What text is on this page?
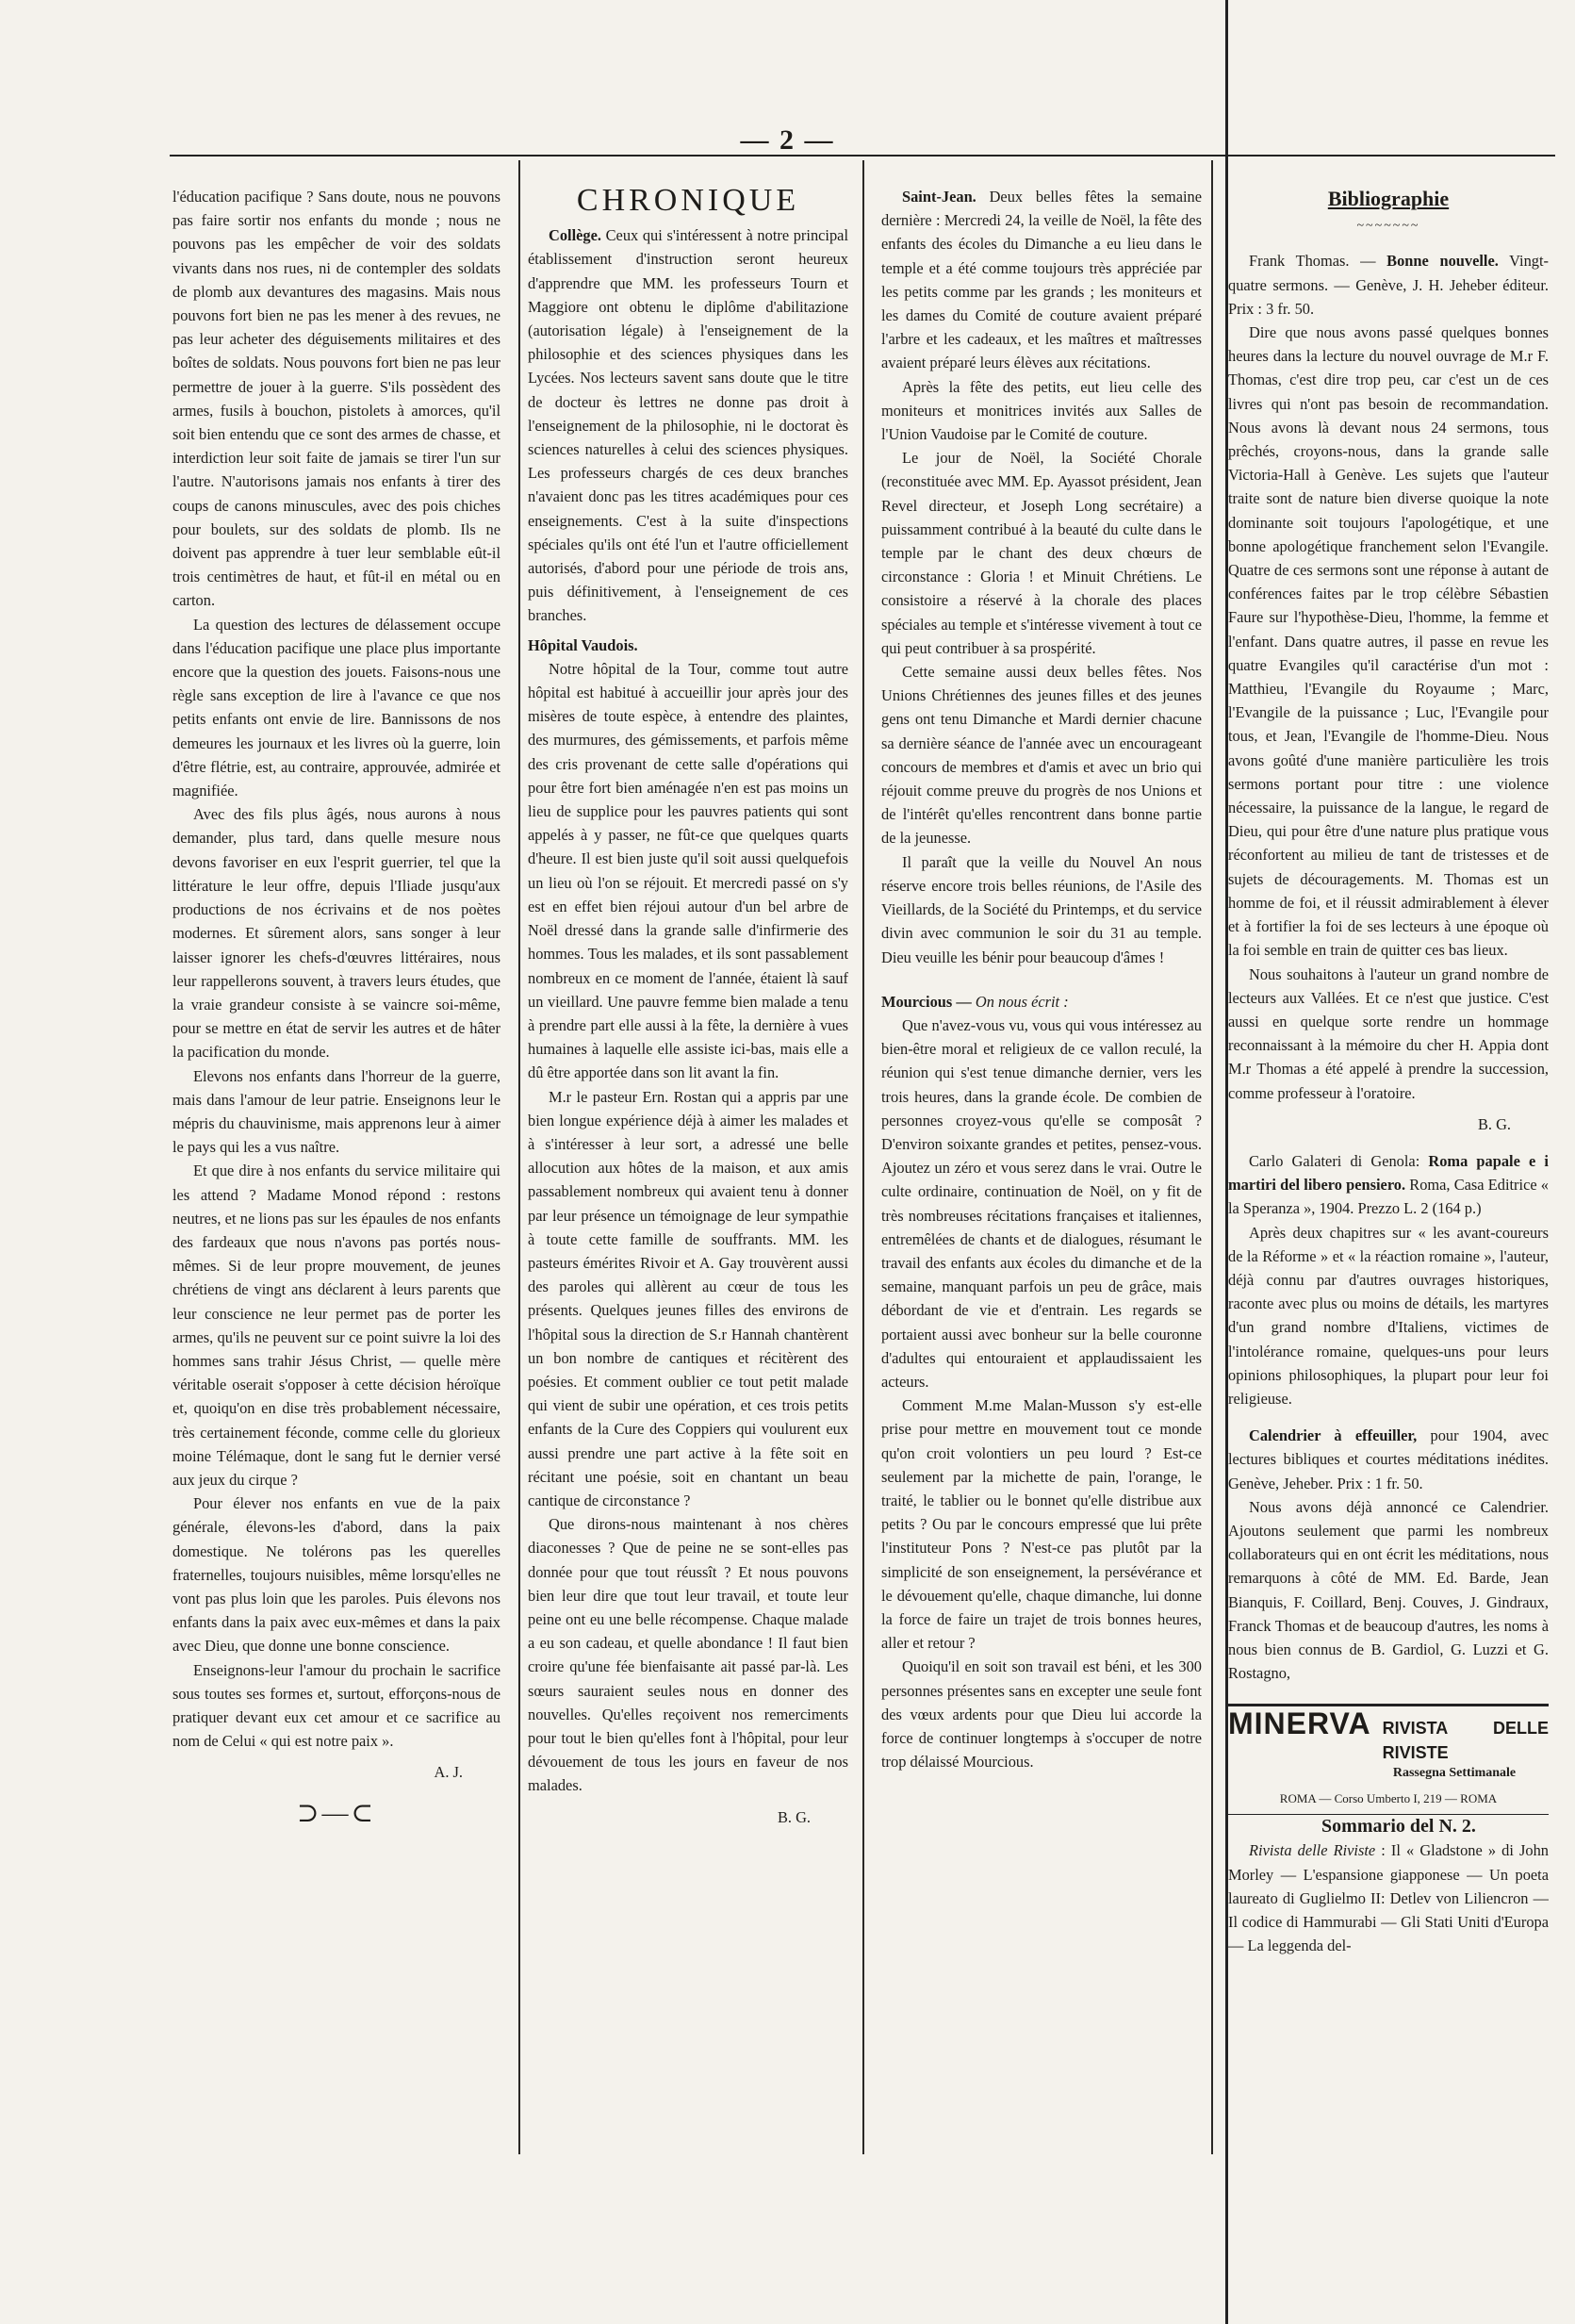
— 2 —

l'éducation pacifique ? Sans doute, nous ne pouvons pas faire sortir nos enfants du monde ; nous ne pouvons pas les empêcher de voir des soldats vivants dans nos rues, ni de contempler des soldats de plomb aux devantures des magasins. Mais nous pouvons fort bien ne pas les mener à des revues, ne pas leur acheter des déguisements militaires et des boîtes de soldats. Nous pouvons fort bien ne pas leur permettre de jouer à la guerre. S'ils possèdent des armes, fusils à bouchon, pistolets à amorces, qu'il soit bien entendu que ce sont des armes de chasse, et interdiction leur soit faite de jamais se tirer l'un sur l'autre. N'autorisons jamais nos enfants à tirer des coups de canons minuscules, avec des pois chiches pour boulets, sur des soldats de plomb. Ils ne doivent pas apprendre à tuer leur semblable eût-il trois centimètres de haut, et fût-il en métal ou en carton.

La question des lectures de délassement occupe dans l'éducation pacifique une place plus importante encore que la question des jouets. Faisons-nous une règle sans exception de lire à l'avance ce que nos petits enfants ont envie de lire. Bannissons de nos demeures les journaux et les livres où la guerre, loin d'être flétrie, est, au contraire, approuvée, admirée et magnifiée.

Avec des fils plus âgés, nous aurons à nous demander, plus tard, dans quelle mesure nous devons favoriser en eux l'esprit guerrier, tel que la littérature le leur offre, depuis l'Iliade jusqu'aux productions de nos écrivains et de nos poètes modernes. Et sûrement alors, sans songer à leur laisser ignorer les chefs-d'œuvres littéraires, nous leur rappellerons souvent, à travers leurs études, que la vraie grandeur consiste à se vaincre soi-même, pour se mettre en état de servir les autres et de hâter la pacification du monde.

Elevons nos enfants dans l'horreur de la guerre, mais dans l'amour de leur patrie. Enseignons leur le mépris du chauvinisme, mais apprenons leur à aimer le pays qui les a vus naître.

Et que dire à nos enfants du service militaire qui les attend ? Madame Monod répond : restons neutres, et ne lions pas sur les épaules de nos enfants des fardeaux que nous n'avons pas portés nous-mêmes. Si de leur propre mouvement, de jeunes chrétiens de vingt ans déclarent à leurs parents que leur conscience ne leur permet pas de porter les armes, qu'ils ne peuvent sur ce point suivre la loi des hommes sans trahir Jésus Christ, — quelle mère véritable oserait s'opposer à cette décision héroïque et, quoiqu'on en dise très probablement nécessaire, très certainement féconde, comme celle du glorieux moine Télémaque, dont le sang fut le dernier versé aux jeux du cirque ?

Pour élever nos enfants en vue de la paix générale, élevons-les d'abord, dans la paix domestique. Ne tolérons pas les querelles fraternelles, toujours nuisibles, même lorsqu'elles ne vont pas plus loin que les paroles. Puis élevons nos enfants dans la paix avec eux-mêmes et dans la paix avec Dieu, que donne une bonne conscience.

Enseignons-leur l'amour du prochain le sacrifice sous toutes ses formes et, surtout, efforçons-nous de pratiquer devant eux cet amour et ce sacrifice au nom de Celui « qui est notre paix ».

A. J.

⊃—⊂

CHRONIQUE

Collège. Ceux qui s'intéressent à notre principal établissement d'instruction seront heureux d'apprendre que MM. les professeurs Tourn et Maggiore ont obtenu le diplôme d'abilitazione (autorisation légale) à l'enseignement de la philosophie et des sciences physiques dans les Lycées. Nos lecteurs savent sans doute que le titre de docteur ès lettres ne donne pas droit à l'enseignement de la philosophie, ni le doctorat ès sciences naturelles à celui des sciences physiques. Les professeurs chargés de ces deux branches n'avaient donc pas les titres académiques pour ces enseignements. C'est à la suite d'inspections spéciales qu'ils ont été l'un et l'autre officiellement autorisés, d'abord pour une période de trois ans, puis définitivement, à l'enseignement de ces branches.

Hôpital Vaudois.

Notre hôpital de la Tour, comme tout autre hôpital est habitué à accueillir jour après jour des misères de toute espèce, à entendre des plaintes, des murmures, des gémissements, et parfois même des cris provenant de cette salle d'opérations qui pour être fort bien aménagée n'en est pas moins un lieu de supplice pour les pauvres patients qui sont appelés à y passer, ne fût-ce que quelques quarts d'heure. Il est bien juste qu'il soit aussi quelquefois un lieu où l'on se réjouit. Et mercredi passé on s'y est en effet bien réjoui autour d'un bel arbre de Noël dressé dans la grande salle d'infirmerie des hommes. Tous les malades, et ils sont passablement nombreux en ce moment de l'année, étaient là sauf un vieillard. Une pauvre femme bien malade a tenu à prendre part elle aussi à la fête, la dernière à vues humaines à laquelle elle assiste ici-bas, mais elle a dû être apportée dans son lit avant la fin.

M.r le pasteur Ern. Rostan qui a appris par une bien longue expérience déjà à aimer les malades et à s'intéresser à leur sort, a adressé une belle allocution aux hôtes de la maison, et aux amis passablement nombreux qui avaient tenu à donner par leur présence un témoignage de leur sympathie à toute cette famille de souffrants. MM. les pasteurs émérites Rivoir et A. Gay trouvèrent aussi des paroles qui allèrent au cœur de tous les présents. Quelques jeunes filles des environs de l'hôpital sous la direction de S.r Hannah chantèrent un bon nombre de cantiques et récitèrent des poésies. Et comment oublier ce tout petit malade qui vient de subir une opération, et ces trois petits enfants de la Cure des Coppiers qui voulurent eux aussi prendre une part active à la fête soit en récitant une poésie, soit en chantant un beau cantique de circonstance ?

Que dirons-nous maintenant à nos chères diaconesses ? Que de peine ne se sont-elles pas donnée pour que tout réussît ? Et nous pouvons bien leur dire que tout leur travail, et toute leur peine ont eu une belle récompense. Chaque malade a eu son cadeau, et quelle abondance ! Il faut bien croire qu'une fée bienfaisante ait passé par-là. Les sœurs sauraient seules nous en donner des nouvelles. Qu'elles reçoivent nos remerciments pour tout le bien qu'elles font à l'hôpital, pour leur dévouement de tous les jours en faveur de nos malades.

B. G.

Saint-Jean. Deux belles fêtes la semaine dernière : Mercredi 24, la veille de Noël, la fête des enfants des écoles du Dimanche a eu lieu dans le temple et a été comme toujours très appréciée par les petits comme par les grands ; les moniteurs et les dames du Comité de couture avaient préparé l'arbre et les cadeaux, et les maîtres et maîtresses avaient préparé leurs élèves aux récitations.

Après la fête des petits, eut lieu celle des moniteurs et monitrices invités aux Salles de l'Union Vaudoise par le Comité de couture.

Le jour de Noël, la Société Chorale (reconstituée avec MM. Ep. Ayassot président, Jean Revel directeur, et Joseph Long secrétaire) a puissamment contribué à la beauté du culte dans le temple par le chant des deux chœurs de circonstance : Gloria ! et Minuit Chrétiens. Le consistoire a réservé à la chorale des places spéciales au temple et s'intéresse vivement à tout ce qui peut contribuer à sa prospérité.

Cette semaine aussi deux belles fêtes. Nos Unions Chrétiennes des jeunes filles et des jeunes gens ont tenu Dimanche et Mardi dernier chacune sa dernière séance de l'année avec un encourageant concours de membres et d'amis et avec un brio qui réjouit comme preuve du progrès de nos Unions et de l'intérêt qu'elles rencontrent dans bonne partie de la jeunesse.

Il paraît que la veille du Nouvel An nous réserve encore trois belles réunions, de l'Asile des Vieillards, de la Société du Printemps, et du service divin avec communion le soir du 31 au temple. Dieu veuille les bénir pour beaucoup d'âmes !

Mourcious — On nous écrit :

Que n'avez-vous vu, vous qui vous intéressez au bien-être moral et religieux de ce vallon reculé, la réunion qui s'est tenue dimanche dernier, vers les trois heures, dans la grande école. De combien de personnes croyez-vous qu'elle se composât ? D'environ soixante grandes et petites, pensez-vous. Ajoutez un zéro et vous serez dans le vrai. Outre le culte ordinaire, continuation de Noël, on y fit de très nombreuses récitations françaises et italiennes, entremêlées de chants et de dialogues, résumant le travail des enfants aux écoles du dimanche et de la semaine, manquant parfois un peu de grâce, mais débordant de vie et d'entrain. Les regards se portaient aussi avec bonheur sur la belle couronne d'adultes qui entouraient et applaudissaient les acteurs.

Comment M.me Malan-Musson s'y est-elle prise pour mettre en mouvement tout ce monde qu'on croit volontiers un peu lourd ? Est-ce seulement par la michette de pain, l'orange, le traité, le tablier ou le bonnet qu'elle distribue aux petits ? Ou par le concours empressé que lui prête l'instituteur Pons ? N'est-ce pas plutôt par la simplicité de son enseignement, la persévérance et le dévouement qu'elle, chaque dimanche, lui donne la force de faire un trajet de trois bonnes heures, aller et retour ?

Quoiqu'il en soit son travail est béni, et les 300 personnes présentes sans en excepter une seule font des vœux ardents pour que Dieu lui accorde la force de continuer longtemps à s'occuper de notre trop délaissé Mourcious.

Bibliographie

~~~~~~~

Frank Thomas. — Bonne nouvelle. Vingt-quatre sermons. — Genève, J. H. Jeheber éditeur. Prix : 3 fr. 50.

Dire que nous avons passé quelques bonnes heures dans la lecture du nouvel ouvrage de M.r F. Thomas, c'est dire trop peu, car c'est un de ces livres qui n'ont pas besoin de recommandation. Nous avons là devant nous 24 sermons, tous prêchés, croyons-nous, dans la grande salle Victoria-Hall à Genève. Les sujets que l'auteur traite sont de nature bien diverse quoique la note dominante soit toujours l'apologétique, et une bonne apologétique franchement selon l'Evangile. Quatre de ces sermons sont une réponse à autant de conférences faites par le trop célèbre Sébastien Faure sur l'hypothèse-Dieu, l'homme, la femme et l'enfant. Dans quatre autres, il passe en revue les quatre Evangiles qu'il caractérise d'un mot : Matthieu, l'Evangile du Royaume ; Marc, l'Evangile de la puissance ; Luc, l'Evangile pour tous, et Jean, l'Evangile de l'homme-Dieu. Nous avons goûté d'une manière particulière les trois sermons portant pour titre : une violence nécessaire, la puissance de la langue, le regard de Dieu, qui pour être d'une nature plus pratique vous réconfortent au milieu de tant de tristesses et de sujets de découragements. M. Thomas est un homme de foi, et il réussit admirablement à élever et à fortifier la foi de ses lecteurs à une époque où la foi semble en train de quitter ces bas lieux.

Nous souhaitons à l'auteur un grand nombre de lecteurs aux Vallées. Et ce n'est que justice. C'est aussi en quelque sorte rendre un hommage reconnaissant à la mémoire du cher H. Appia dont M.r Thomas a été appelé à prendre la succession, comme professeur à l'oratoire.

B. G.

Carlo Galateri di Genola: Roma papale e i martiri del libero pensiero. Roma, Casa Editrice « la Speranza », 1904. Prezzo L. 2 (164 p.)

Après deux chapitres sur « les avant-coureurs de la Réforme » et « la réaction romaine », l'auteur, déjà connu par d'autres ouvrages historiques, raconte avec plus ou moins de détails, les martyres d'un grand nombre d'Italiens, victimes de l'intolérance romaine, quelques-uns pour leurs opinions philosophiques, la plupart pour leur foi religieuse.

Calendrier à effeuiller, pour 1904, avec lectures bibliques et courtes méditations inédites. Genève, Jeheber. Prix : 1 fr. 50.

Nous avons déjà annoncé ce Calendrier. Ajoutons seulement que parmi les nombreux collaborateurs qui en ont écrit les méditations, nous remarquons à côté de MM. Ed. Barde, Jean Bianquis, F. Coillard, Benj. Couves, J. Gindraux, Franck Thomas et de beaucoup d'autres, les noms à nous bien connus de B. Gardiol, G. Luzzi et G. Rostagno,

MINERVA RIVISTA DELLE RIVISTE
Rassegna Settimanale
ROMA — Corso Umberto I, 219 — ROMA

Sommario del N. 2.

Rivista delle Riviste : Il « Gladstone » di John Morley — L'espansione giapponese — Un poeta laureato di Guglielmo II: Detlev von Liliencron — Il codice di Hammurabi — Gli Stati Uniti d'Europa — La leggenda del-
